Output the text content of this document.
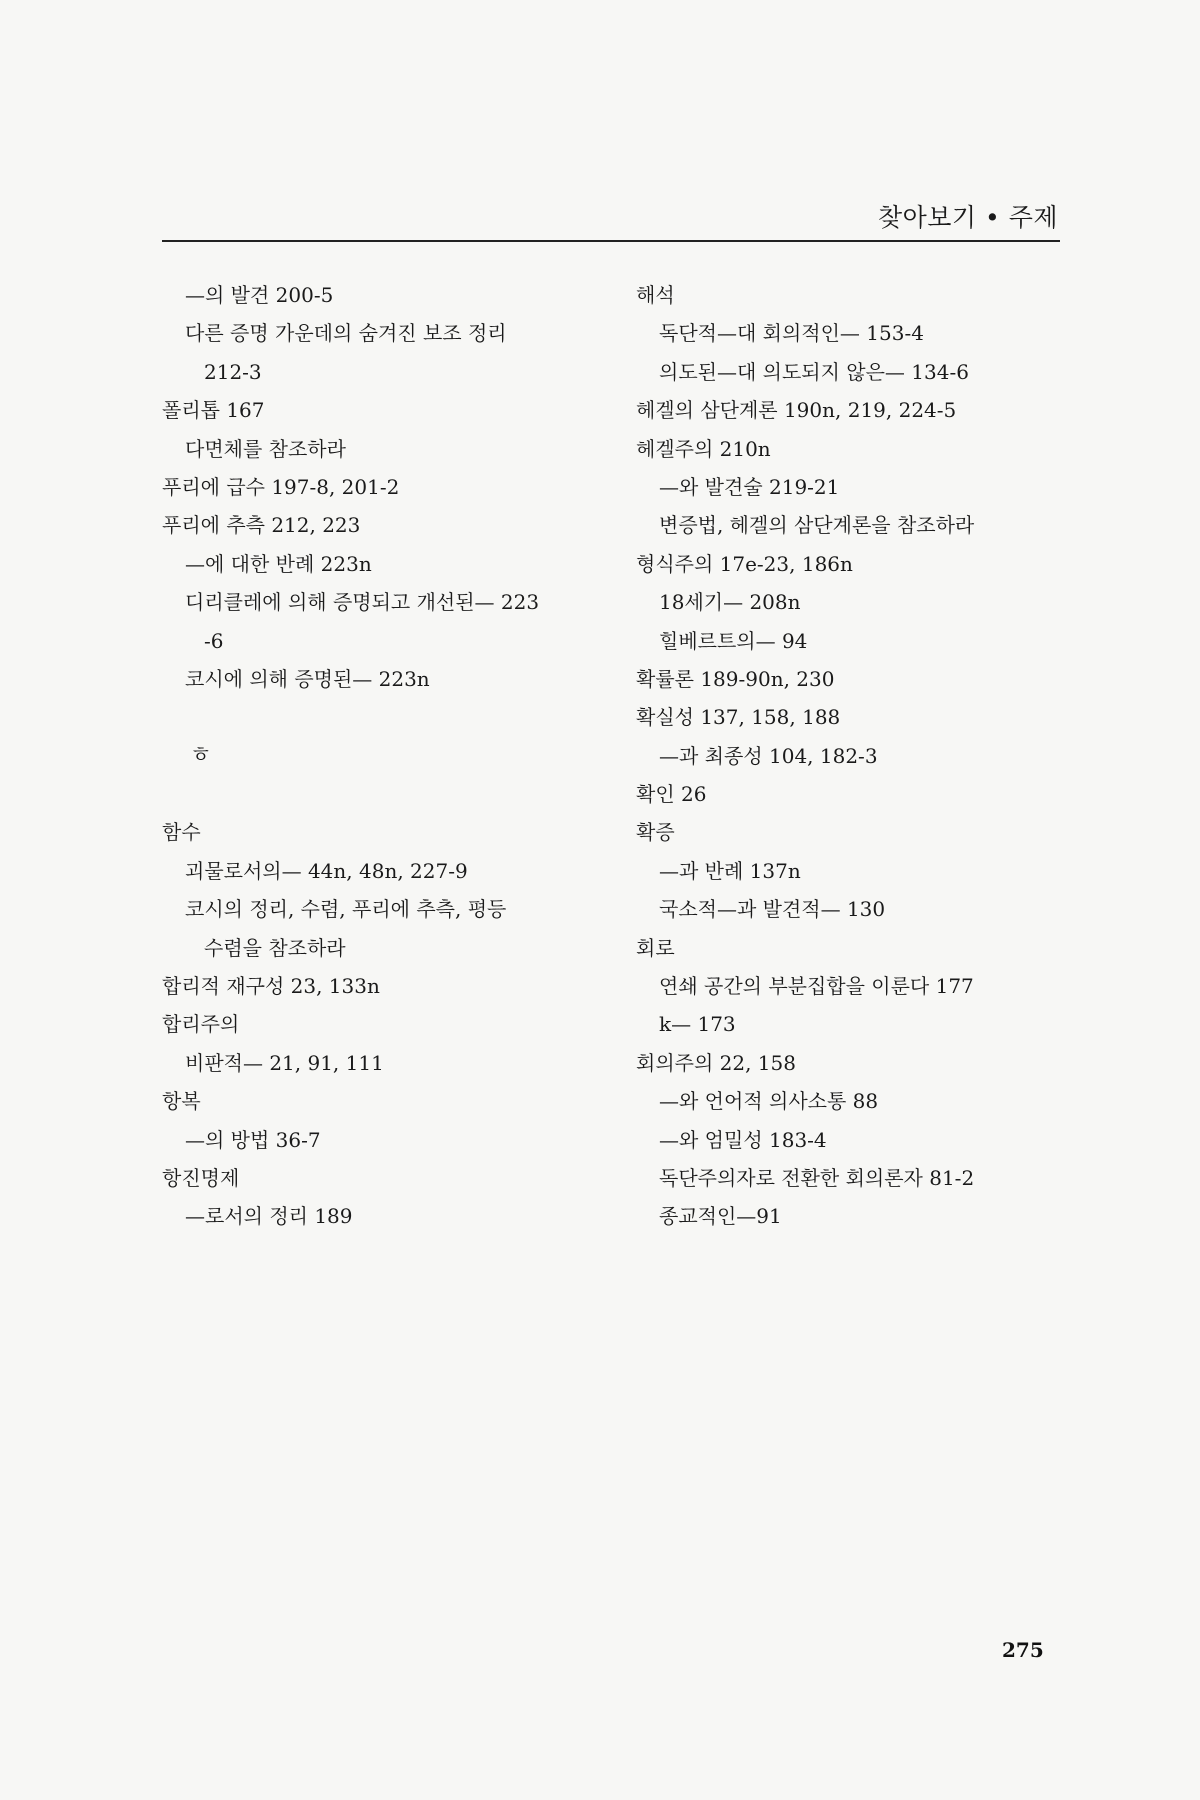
찾아보기 • 주제
—의 발견 200-5
다른 증명 가운데의 숨겨진 보조 정리
212-3
폴리톱 167
다면체를 참조하라
푸리에 급수 197-8, 201-2
푸리에 추측 212, 223
—에 대한 반례 223n
디리클레에 의해 증명되고 개선된— 223
-6
코시에 의해 증명된— 223n
ㅎ
함수
괴물로서의— 44n, 48n, 227-9
코시의 정리, 수렴, 푸리에 추측, 평등
수렴을 참조하라
합리적 재구성 23, 133n
합리주의
비판적— 21, 91, 111
항복
—의 방법 36-7
항진명제
—로서의 정리 189
해석
독단적—대 회의적인— 153-4
의도된—대 의도되지 않은— 134-6
헤겔의 삼단계론 190n, 219, 224-5
헤겔주의 210n
—와 발견술 219-21
변증법, 헤겔의 삼단계론을 참조하라
형식주의 17e-23, 186n
18세기— 208n
힐베르트의— 94
확률론 189-90n, 230
확실성 137, 158, 188
—과 최종성 104, 182-3
확인 26
확증
—과 반례 137n
국소적—과 발견적— 130
회로
연쇄 공간의 부분집합을 이룬다 177
k— 173
회의주의 22, 158
—와 언어적 의사소통 88
—와 엄밀성 183-4
독단주의자로 전환한 회의론자 81-2
종교적인—91
275
